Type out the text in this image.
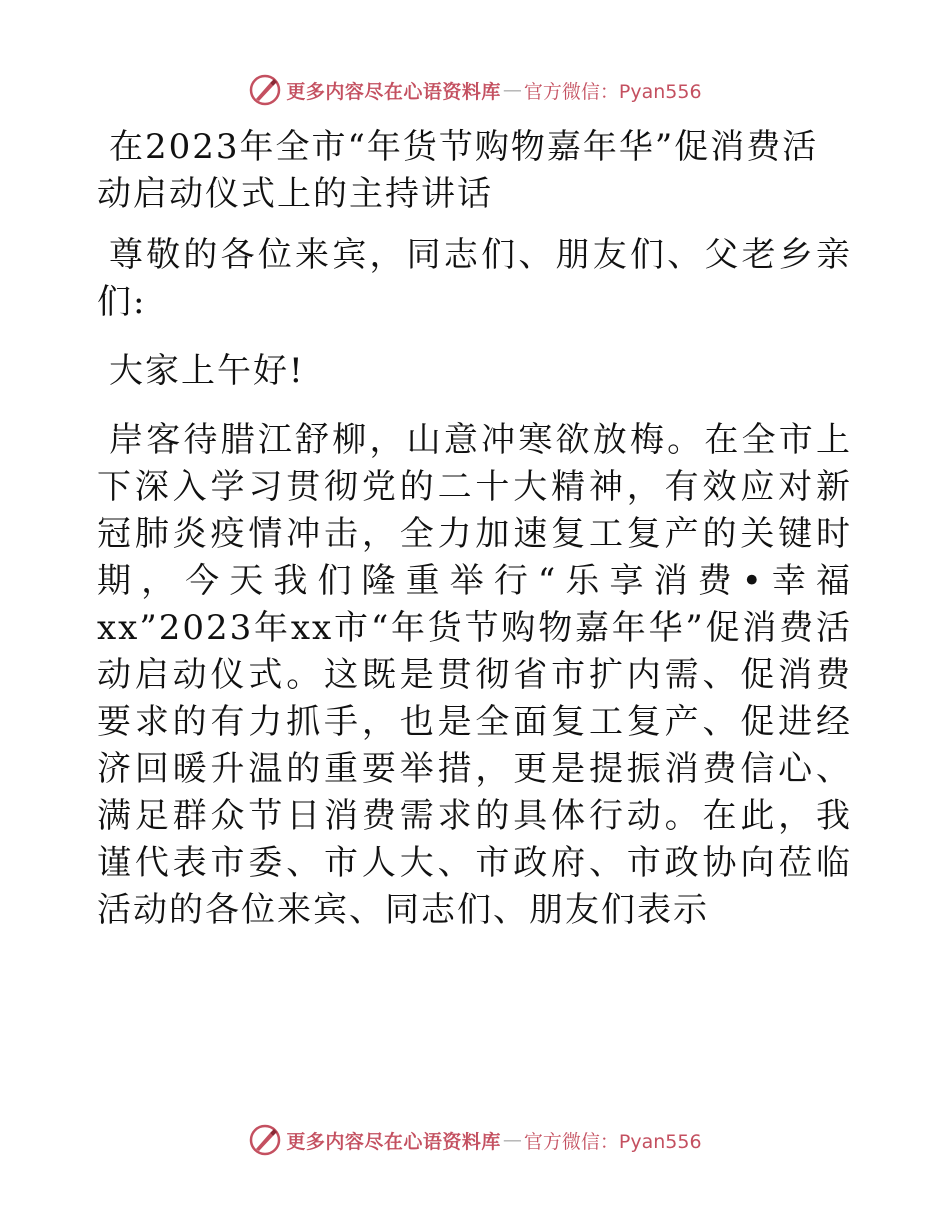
更多内容尽在心语资料库 — 官方微信：Pyan556

在2023年全市“年货节购物嘉年华”促消费活动启动仪式上的主持讲话

尊敬的各位来宾，同志们、朋友们、父老乡亲们:

大家上午好!

岸客待腊江舒柳，山意冲寒欲放梅。在全市上下深入学习贯彻党的二十大精神，有效应对新冠肺炎疫情冲击，全力加速复工复产的关键时期，今天我们隆重举行“乐享消费•幸福xx”2023年xx市“年货节购物嘉年华”促消费活动启动仪式。这既是贯彻省市扩内需、促消费要求的有力抓手，也是全面复工复产、促进经济回暖升温的重要举措，更是提振消费信心、满足群众节日消费需求的具体行动。在此，我谨代表市委、市人大、市政府、市政协向莅临活动的各位来宾、同志们、朋友们表示

更多内容尽在心语资料库 — 官方微信：Pyan556
